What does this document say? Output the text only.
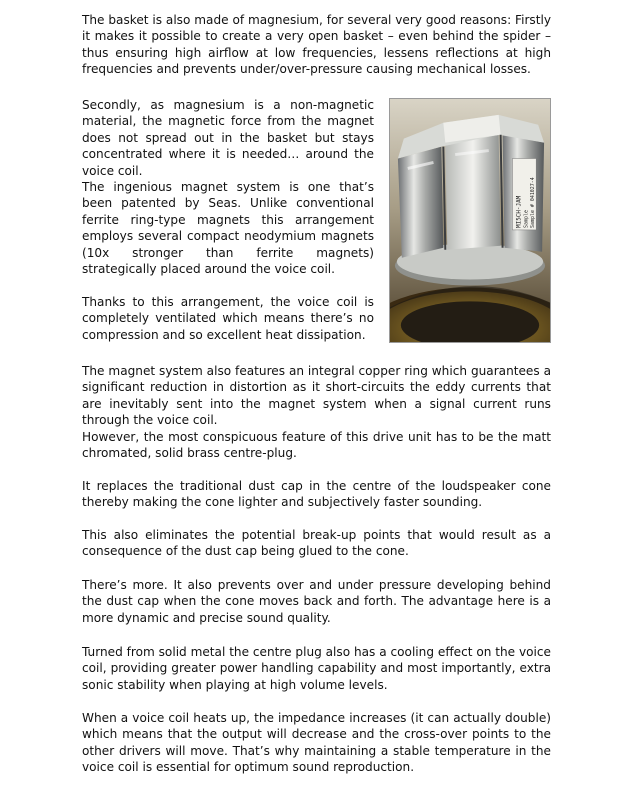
The basket is also made of magnesium, for several very good reasons: Firstly it makes it possible to create a very open basket – even behind the spider – thus ensuring high airflow at low frequencies, lessens reflections at high frequencies and prevents under/over-pressure causing mechanical losses.

Secondly, as magnesium is a non-magnetic material, the magnetic force from the magnet does not spread out in the basket but stays concentrated where it is needed… around the voice coil.

The ingenious magnet system is one that’s been patented by Seas. Unlike conventional ferrite ring-type magnets this arrangement employs several compact neodymium magnets (10x stronger than ferrite magnets) strategically placed around the voice coil.

Thanks to this arrangement, the voice coil is completely ventilated which means there’s no compression and so excellent heat dissipation.

MI5CH-JAM Sample Sample # 041027-4

The magnet system also features an integral copper ring which guarantees a significant reduction in distortion as it short-circuits the eddy currents that are inevitably sent into the magnet system when a signal current runs through the voice coil.

However, the most conspicuous feature of this drive unit has to be the matt chromated, solid brass centre-plug.

It replaces the traditional dust cap in the centre of the loudspeaker cone thereby making the cone lighter and subjectively faster sounding.

This also eliminates the potential break-up points that would result as a consequence of the dust cap being glued to the cone.

There’s more. It also prevents over and under pressure developing behind the dust cap when the cone moves back and forth. The advantage here is a more dynamic and precise sound quality.

Turned from solid metal the centre plug also has a cooling effect on the voice coil, providing greater power handling capability and most importantly, extra sonic stability when playing at high volume levels.

When a voice coil heats up, the impedance increases (it can actually double) which means that the output will decrease and the cross-over points to the other drivers will move. That’s why maintaining a stable temperature in the voice coil is essential for optimum sound reproduction.
